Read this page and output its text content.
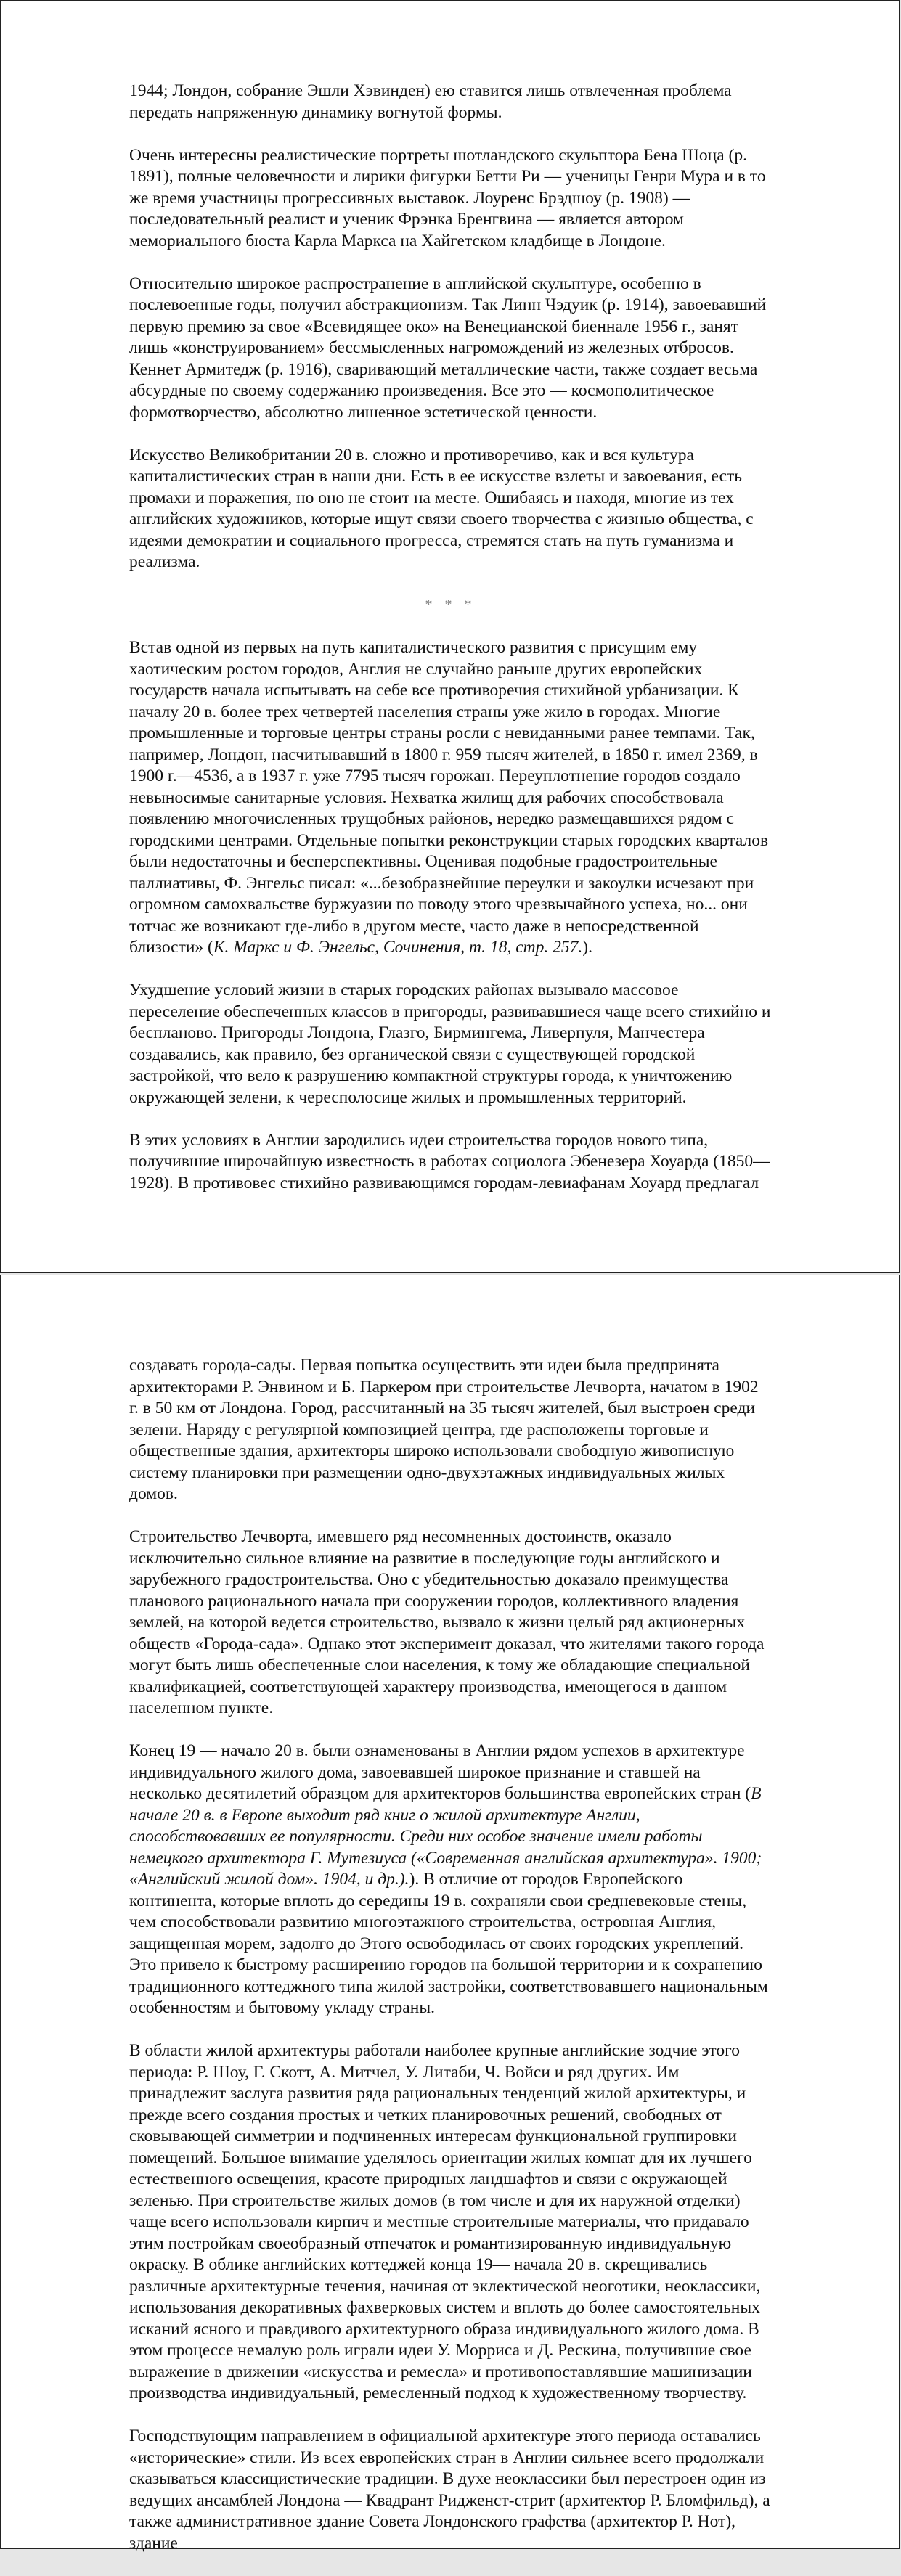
1944; Лондон, собрание Эшли Хэвинден) ею ставится лишь отвлеченная проблема передать напряженную динамику вогнутой формы.

Очень интересны реалистические портреты шотландского скульптора Бена Шоца (р. 1891), полные человечности и лирики фигурки Бетти Ри — ученицы Генри Мура и в то же время участницы прогрессивных выставок. Лоуренс Брэдшоу (р. 1908) — последовательный реалист и ученик Фрэнка Бренгвина — является автором мемориального бюста Карла Маркса на Хайгетском кладбище в Лондоне.

Относительно широкое распространение в английской скульптуре, особенно в послевоенные годы, получил абстракционизм. Так Линн Чэдуик (р. 1914), завоевавший первую премию за свое «Всевидящее око» на Венецианской биеннале 1956 г., занят лишь «конструированием» бессмысленных нагромождений из железных отбросов. Кеннет Армитедж (р. 1916), сваривающий металлические части, также создает весьма абсурдные по своему содержанию произведения. Все это — космополитическое формотворчество, абсолютно лишенное эстетической ценности.

Искусство Великобритании 20 в. сложно и противоречиво, как и вся культура капиталистических стран в наши дни. Есть в ее искусстве взлеты и завоевания, есть промахи и поражения, но оно не стоит на месте. Ошибаясь и находя, многие из тех английских художников, которые ищут связи своего творчества с жизнью общества, с идеями демократии и социального прогресса, стремятся стать на путь гуманизма и реализма.

* * *

Встав одной из первых на путь капиталистического развития с присущим ему хаотическим ростом городов, Англия не случайно раньше других европейских государств начала испытывать на себе все противоречия стихийной урбанизации. К началу 20 в. более трех четвертей населения страны уже жило в городах. Многие промышленные и торговые центры страны росли с невиданными ранее темпами. Так, например, Лондон, насчитывавший в 1800 г. 959 тысяч жителей, в 1850 г. имел 2369, в 1900 г.—4536, а в 1937 г. уже 7795 тысяч горожан. Переуплотнение городов создало невыносимые санитарные условия. Нехватка жилищ для рабочих способствовала появлению многочисленных трущобных районов, нередко размещавшихся рядом с городскими центрами. Отдельные попытки реконструкции старых городских кварталов были недостаточны и бесперспективны. Оценивая подобные градостроительные паллиативы, Ф. Энгельс писал: «...безобразнейшие переулки и закоулки исчезают при огромном самохвальстве буржуазии по поводу этого чрезвычайного успеха, но... они тотчас же возникают где-либо в другом месте, часто даже в непосредственной близости» (К. Маркс и Ф. Энгельс, Сочинения, т. 18, стр. 257.).

Ухудшение условий жизни в старых городских районах вызывало массовое переселение обеспеченных классов в пригороды, развивавшиеся чаще всего стихийно и бесплановo. Пригороды Лондона, Глазго, Бирмингема, Ливерпуля, Манчестера создавались, как правило, без органической связи с существующей городской застройкой, что вело к разрушению компактной структуры города, к уничтожению окружающей зелени, к чересполосице жилых и промышленных территорий.

В этих условиях в Англии зародились идеи строительства городов нового типа, получившие широчайшую известность в работах социолога Эбенезера Хоуарда (1850—1928). В противовес стихийно развивающимся городам-левиафанам Хоуард предлагал

создавать города-сады. Первая попытка осуществить эти идеи была предпринята архитекторами Р. Энвином и Б. Паркером при строительстве Лечворта, начатом в 1902 г. в 50 км от Лондона. Город, рассчитанный на 35 тысяч жителей, был выстроен среди зелени. Наряду с регулярной композицией центра, где расположены торговые и общественные здания, архитекторы широко использовали свободную живописную систему планировки при размещении одно-двухэтажных индивидуальных жилых домов.

Строительство Лечворта, имевшего ряд несомненных достоинств, оказало исключительно сильное влияние на развитие в последующие годы английского и зарубежного градостроительства. Оно с убедительностью доказало преимущества планового рационального начала при сооружении городов, коллективного владения землей, на которой ведется строительство, вызвало к жизни целый ряд акционерных обществ «Города-сада». Однако этот эксперимент доказал, что жителями такого города могут быть лишь обеспеченные слои населения, к тому же обладающие специальной квалификацией, соответствующей характеру производства, имеющегося в данном населенном пункте.

Конец 19 — начало 20 в. были ознаменованы в Англии рядом успехов в архитектуре индивидуального жилого дома, завоевавшей широкое признание и ставшей на несколько десятилетий образцом для архитекторов большинства европейских стран (В начале 20 в. в Европе выходит ряд книг о жилой архитектуре Англии, способствовавших ее популярности. Среди них особое значение имели работы немецкого архитектора Г. Мутезиуса («Современная английская архитектура». 1900; «Английский жилой дом». 1904, и др.).). В отличие от городов Европейского континента, которые вплоть до середины 19 в. сохраняли свои средневековые стены, чем способствовали развитию многоэтажного строительства, островная Англия, защищенная морем, задолго до Этого освободилась от своих городских укреплений. Это привело к быстрому расширению городов на большой территории и к сохранению традиционного коттеджного типа жилой застройки, соответствовавшего национальным особенностям и бытовому укладу страны.

В области жилой архитектуры работали наиболее крупные английские зодчие этого периода: Р. Шоу, Г. Скотт, А. Митчел, У. Литаби, Ч. Войси и ряд других. Им принадлежит заслуга развития ряда рациональных тенденций жилой архитектуры, и прежде всего создания простых и четких планировочных решений, свободных от сковывающей симметрии и подчиненных интересам функциональной группировки помещений. Большое внимание уделялось ориентации жилых комнат для их лучшего естественного освещения, красоте природных ландшафтов и связи с окружающей зеленью. При строительстве жилых домов (в том числе и для их наружной отделки) чаще всего использовали кирпич и местные строительные материалы, что придавало этим постройкам своеобразный отпечаток и романтизированную индивидуальную окраску. В облике английских коттеджей конца 19— начала 20 в. скрещивались различные архитектурные течения, начиная от эклектической неоготики, неоклассики, использования декоративных фахверковых систем и вплоть до более самостоятельных исканий ясного и правдивого архитектурного образа индивидуального жилого дома. В этом процессе немалую роль играли идеи У. Морриса и Д. Рескина, получившие свое выражение в движении «искусства и ремесла» и противопоставлявшие машинизации производства индивидуальный, ремесленный подход к художественному творчеству.

Господствующим направлением в официальной архитектуре этого периода оставались «исторические» стили. Из всех европейских стран в Англии сильнее всего продолжали сказываться классицистические традиции. В духе неоклассики был перестроен один из ведущих ансамблей Лондона — Квадрант Ридженст-стрит (архитектор Р. Бломфильд), а также административное здание Совета Лондонского графства (архитектор Р. Нот), здание
